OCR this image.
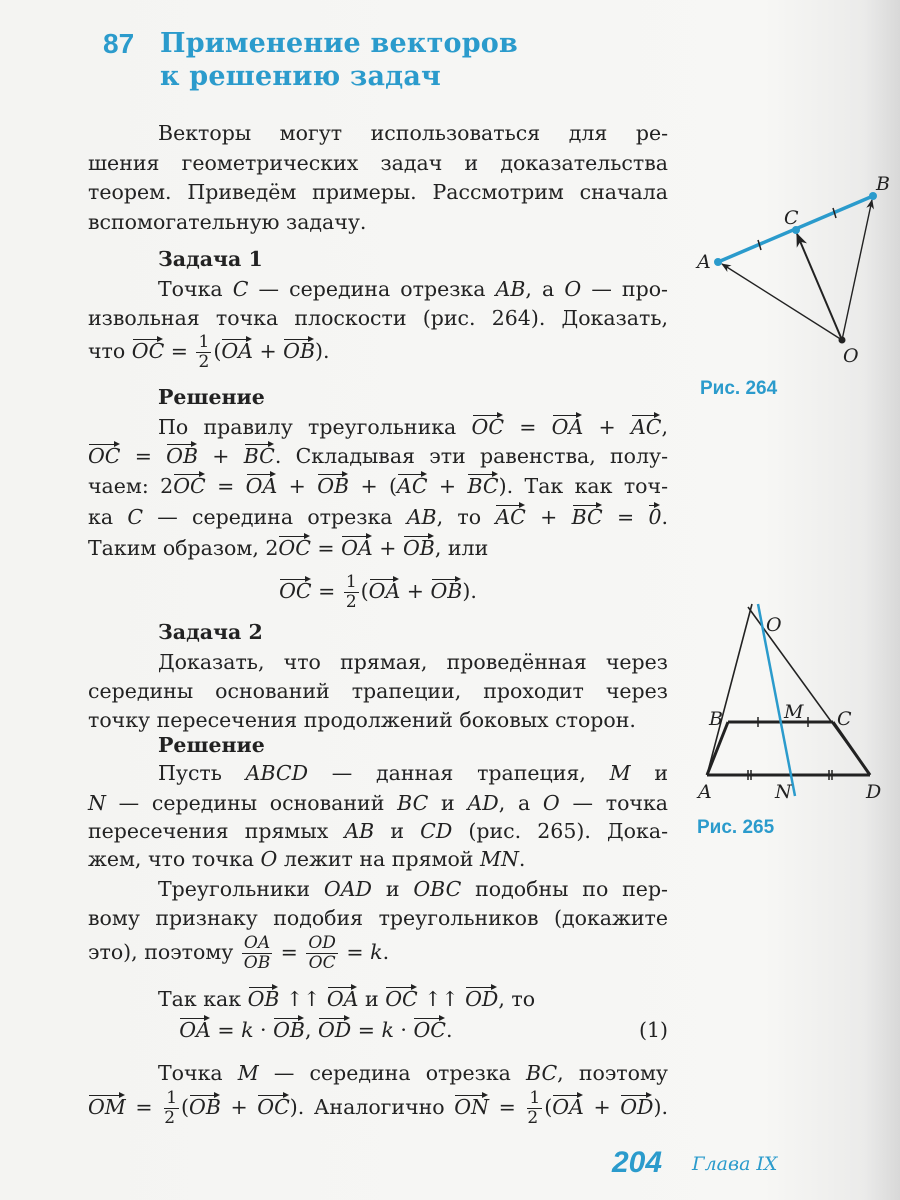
87 Применение векторов
к решению задач
Векторы могут использоваться для ре-
шения геометрических задач и доказательства
теорем. Приведём примеры. Рассмотрим сначала
вспомогательную задачу.
Задача 1
Точка C — середина отрезка AB, а O — про-
извольная точка плоскости (рис. 264). Доказать,
что OC = $\frac{1}{2} (OA + OB)$.
Решение
По правилу треугольника OC = OA + AC,
OC = OB + BC. Складывая эти равенства, полу-
чаем: 2OC = OA + OB + (AC + BC). Так как точ-
ка C — середина отрезка AB, то AC + BC = 0.
Таким образом, 2OC = OA + OB, или
OC = $\frac{1}{2} (OA + OB)$.
Задача 2
Доказать, что прямая, проведённая через
середины оснований трапеции, проходит через
точку пересечения продолжений боковых сторон.
Решение
Пусть ABCD — данная трапеция, M и
N — середины оснований BC и AD, а O — точка
пересечения прямых AB и CD (рис. 265). Дока-
жем, что точка O лежит на прямой MN.
Треугольники OAD и OBC подобны по пер-
вому признаку подобия треугольников (докажите
это), поэтому $\frac{OA}{OB} = \frac{OD}{OC} = k$.
Так как OB ↑↑ OA и OC ↑↑ OD, то
OA = k · OB, OD = k · OC.	(1)
Точка M — середина отрезка BC, поэтому
OM = $\frac{1}{2} (OB + OC)$. Аналогично ON = $\frac{1}{2} (OA + OD)$.
A
B
C
O
O
B	M C
A	N	D
Рис. 264
Рис. 265
204 Глава IX
